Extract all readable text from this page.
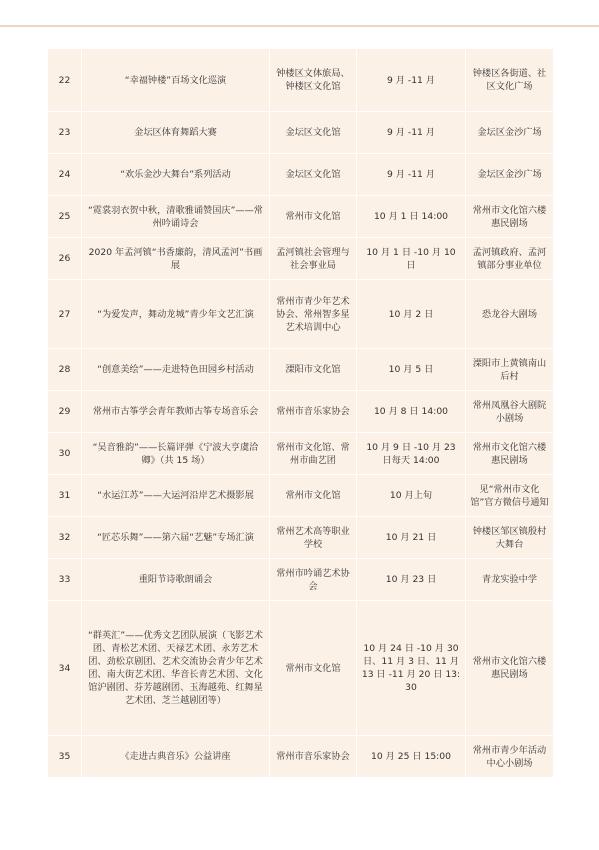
22	“幸福钟楼”百场文化巡演	钟楼区文体旅局、钟楼区文化馆	9 月 -11 月	钟楼区各街道、社区文化广场
23	金坛区体育舞蹈大赛	金坛区文化馆	9 月 -11 月	金坛区金沙广场
24	“欢乐金沙大舞台”系列活动	金坛区文化馆	9 月 -11 月	金坛区金沙广场
25	“霓裳羽衣贺中秋，清歌雅诵赞国庆”——常州吟诵诗会	常州市文化馆	10 月 1 日 14:00	常州市文化馆六楼惠民剧场
26	2020 年孟河镇“书香廉韵，清风孟河”书画展	孟河镇社会管理与社会事业局	10 月 1 日 -10 月 10 日	孟河镇政府、孟河镇部分事业单位
27	“为爱发声，舞动龙城”青少年文艺汇演	常州市青少年艺术协会、常州智多星艺术培训中心	10 月 2 日	恐龙谷大剧场
28	“创意美绘”——走进特色田园乡村活动	溧阳市文化馆	10 月 5 日	溧阳市上黄镇南山后村
29	常州市古筝学会青年教师古筝专场音乐会	常州市音乐家协会	10 月 8 日 14:00	常州凤凰谷大剧院小剧场
30	“吴音雅韵”——长篇评弹《宁波大亨虞洽卿》（共 15 场）	常州市文化馆、常州市曲艺团	10 月 9 日 -10 月 23 日每天 14:00	常州市文化馆六楼惠民剧场
31	“水运江苏”——大运河沿岸艺术摄影展	常州市文化馆	10 月上旬	见“常州市文化馆”官方微信号通知
32	“匠芯乐舞”——第六届“艺魅”专场汇演	常州艺术高等职业学校	10 月 21 日	钟楼区邹区镇殷村大舞台
33	重阳节诗歌朗诵会	常州市吟诵艺术协会	10 月 23 日	青龙实验中学
34	“群英汇”——优秀文艺团队展演（飞影艺术团、青松艺术团、天禄艺术团、永芳艺术团、劲松京剧团、艺术交流协会青少年艺术团、南大街艺术团、华音长青艺术团、文化馆沪剧团、芬芳越剧团、玉海越苑、红舞星艺术团、芝兰越剧团等）	常州市文化馆	10 月 24 日 -10 月 30 日、11 月 3 日、11 月 13 日 -11 月 20 日 13:30	常州市文化馆六楼惠民剧场
35	《走进古典音乐》公益讲座	常州市音乐家协会	10 月 25 日 15:00	常州市青少年活动中心小剧场
